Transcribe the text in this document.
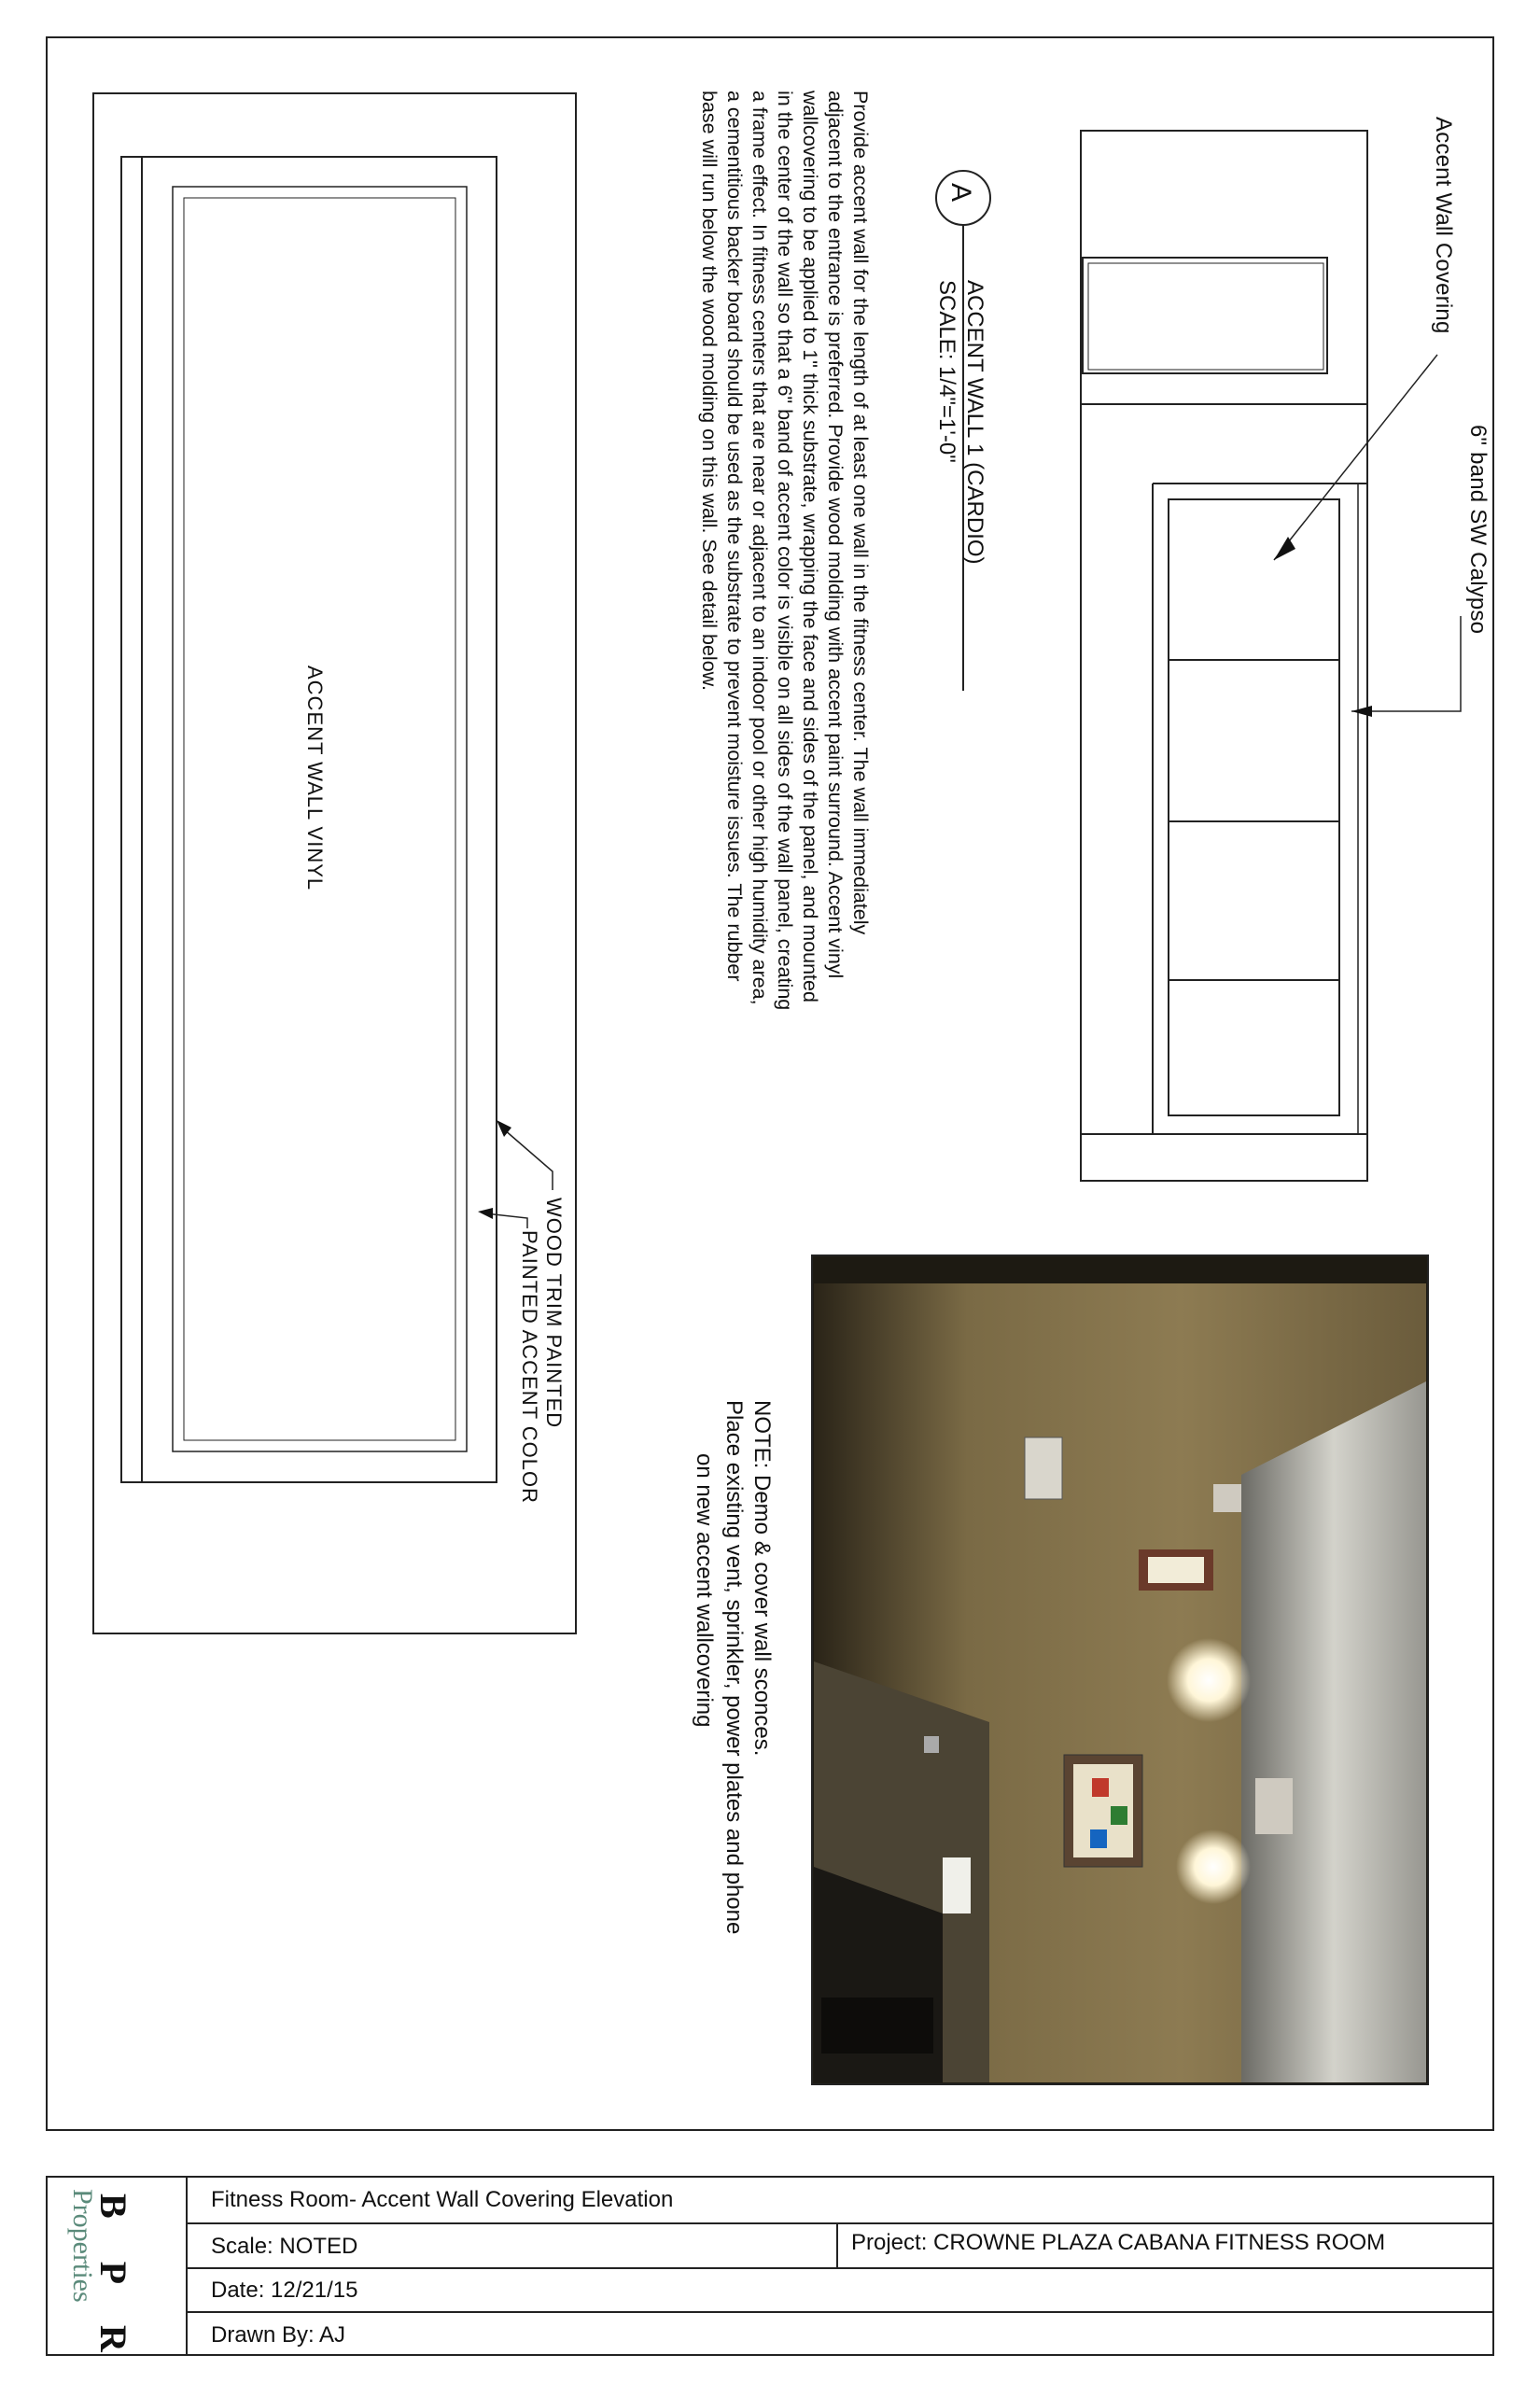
Accent Wall Covering
6" band SW Calypso
A
ACCENT WALL 1 (CARDIO)
SCALE: 1/4"=1'-0"
Provide accent wall for the length of at least one wall in the fitness center. The wall immediately adjacent to the entrance is preferred. Provide wood molding with accent paint surround. Accent vinyl wallcovering to be applied to 1" thick substrate, wrapping the face and sides of the panel, and mounted in the center of the wall so that a 6" band of accent color is visible on all sides of the wall panel, creating a frame effect. In fitness centers that are near or adjacent to an indoor pool or other high humidity area, a cementitious backer board should be used as the substrate to prevent moisture issues. The rubber base will run below the wood molding on this wall. See detail below.
ACCENT WALL VINYL
WOOD TRIM PAINTED
PAINTED ACCENT COLOR
NOTE: Demo & cover wall sconces.
Place existing vent, sprinkler, power plates and phone
on new accent wallcovering
Fitness Room- Accent Wall Covering Elevation
Scale: NOTED	Project: CROWNE PLAZA CABANA FITNESS ROOM
Date: 12/21/15
Drawn By: AJ
B P R
Properties
